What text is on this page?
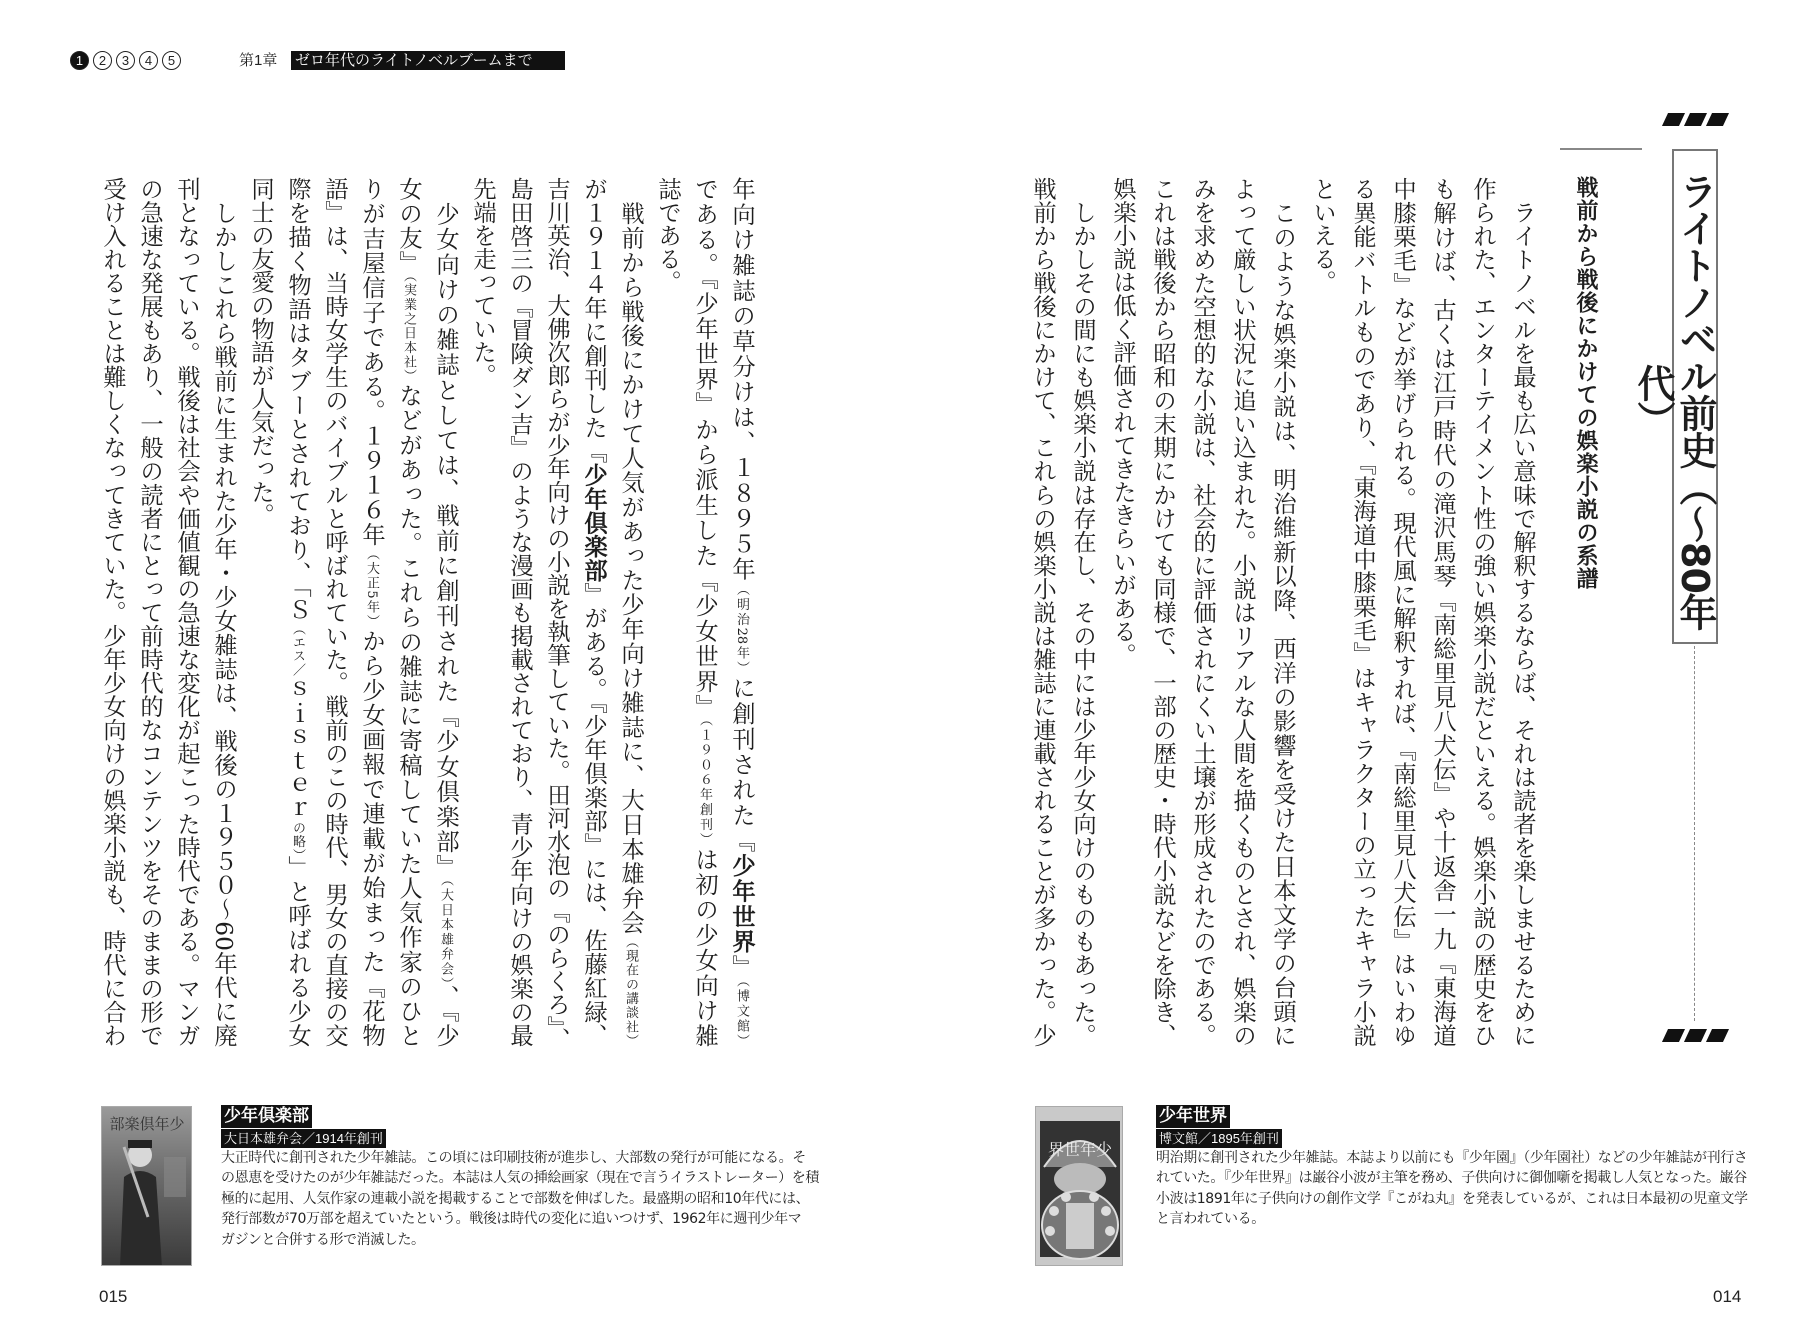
1	2	3	4	5	第1章 ゼロ年代のライトノベルブームまで
ライトノベル前史（～80年代）
戦前から戦後にかけての娯楽小説の系譜
　ライトノベルを最も広い意味で解釈するならば、それは読者を楽しませるために
作られた、エンターテイメント性の強い娯楽小説だといえる。娯楽小説の歴史をひ
も解けば、古くは江戸時代の滝沢馬琴『南総里見八犬伝』や十返舎一九『東海道
中膝栗毛』などが挙げられる。現代風に解釈すれば、『南総里見八犬伝』はいわゆ
る異能バトルものであり、『東海道中膝栗毛』はキャラクターの立ったキャラ小説
といえる。
　このような娯楽小説は、明治維新以降、西洋の影響を受けた日本文学の台頭に
よって厳しい状況に追い込まれた。小説はリアルな人間を描くものとされ、娯楽の
みを求めた空想的な小説は、社会的に評価されにくい土壌が形成されたのである。
これは戦後から昭和の末期にかけても同様で、一部の歴史・時代小説などを除き、
娯楽小説は低く評価されてきたきらいがある。
　しかしその間にも娯楽小説は存在し、その中には少年少女向けのものもあった。
戦前から戦後にかけて、これらの娯楽小説は雑誌に連載されることが多かった。少
年向け雑誌の草分けは、１８９５年（明治28年）に創刊された『少年世界』（博文館）
である。『少年世界』から派生した『少女世界』（１９０６年創刊）は初の少女向け雑
誌である。
　戦前から戦後にかけて人気があった少年向け雑誌に、大日本雄弁会（現在の講談社）
が１９１４年に創刊した『少年倶楽部』がある。『少年倶楽部』には、佐藤紅緑、
吉川英治、大佛次郎らが少年向けの小説を執筆していた。田河水泡の『のらくろ』、
島田啓三の『冒険ダン吉』のような漫画も掲載されており、青少年向けの娯楽の最
先端を走っていた。
　少女向けの雑誌としては、戦前に創刊された『少女倶楽部』（大日本雄弁会）、『少
女の友』（実業之日本社）などがあった。これらの雑誌に寄稿していた人気作家のひと
りが吉屋信子である。１９１６年（大正5年）から少女画報で連載が始まった『花物
語』は、当時女学生のバイブルと呼ばれていた。戦前のこの時代、男女の直接の交
際を描く物語はタブーとされており、「Ｓ（エス／ｓｉｓｔｅｒの略）」と呼ばれる少女
同士の友愛の物語が人気だった。
　しかしこれら戦前に生まれた少年・少女雑誌は、戦後の１９５０～60年代に廃
刊となっている。戦後は社会や価値観の急速な変化が起こった時代である。マンガ
の急速な発展もあり、一般の読者にとって前時代的なコンテンツをそのままの形で
受け入れることは難しくなってきていた。少年少女向けの娯楽小説も、時代に合わ
部楽倶年少 少年倶楽部
大日本雄弁会／1914年創刊
大正時代に創刊された少年雑誌。この頃には印刷技術が進歩し、大部数の発行が可能になる。そ
の恩恵を受けたのが少年雑誌だった。本誌は人気の挿絵画家（現在で言うイラストレーター）を積
極的に起用、人気作家の連載小説を掲載することで部数を伸ばした。最盛期の昭和10年代には、
発行部数が70万部を超えていたという。戦後は時代の変化に追いつけず、1962年に週刊少年マ
ガジンと合併する形で消滅した。
界世年少
少年世界
博文館／1895年創刊
明治期に創刊された少年雑誌。本誌より以前にも『少年園』（少年園社）などの少年雑誌が刊行さ
れていた。『少年世界』は巌谷小波が主筆を務め、子供向けに御伽噺を掲載し人気となった。巌谷
小波は1891年に子供向けの創作文学『こがね丸』を発表しているが、これは日本最初の児童文学
と言われている。
015	014
